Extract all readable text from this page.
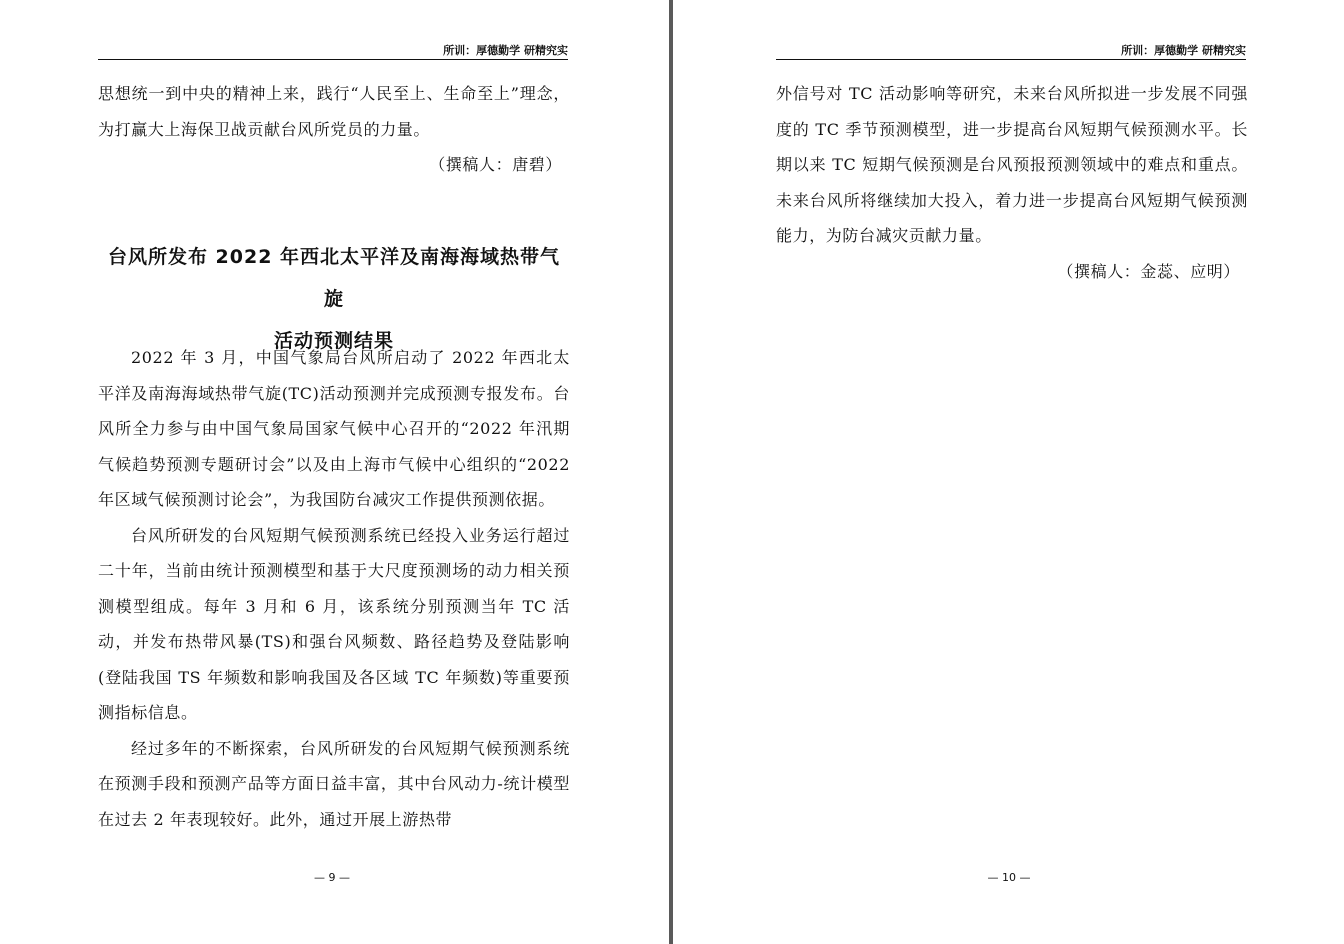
所训：厚德勤学 研精究实

思想统一到中央的精神上来，践行“人民至上、生命至上”理念，为打赢大上海保卫战贡献台风所党员的力量。

（撰稿人：唐碧）

台风所发布 2022 年西北太平洋及南海海域热带气旋
活动预测结果

2022 年 3 月，中国气象局台风所启动了 2022 年西北太平洋及南海海域热带气旋(TC)活动预测并完成预测专报发布。台风所全力参与由中国气象局国家气候中心召开的“2022 年汛期气候趋势预测专题研讨会”以及由上海市气候中心组织的“2022 年区域气候预测讨论会”，为我国防台减灾工作提供预测依据。

台风所研发的台风短期气候预测系统已经投入业务运行超过二十年，当前由统计预测模型和基于大尺度预测场的动力相关预测模型组成。每年 3 月和 6 月，该系统分别预测当年 TC 活动，并发布热带风暴(TS)和强台风频数、路径趋势及登陆影响(登陆我国 TS 年频数和影响我国及各区域 TC 年频数)等重要预测指标信息。

经过多年的不断探索，台风所研发的台风短期气候预测系统在预测手段和预测产品等方面日益丰富，其中台风动力-统计模型在过去 2 年表现较好。此外，通过开展上游热带

— 9 —
所训：厚德勤学 研精究实

外信号对 TC 活动影响等研究，未来台风所拟进一步发展不同强度的 TC 季节预测模型，进一步提高台风短期气候预测水平。长期以来 TC 短期气候预测是台风预报预测领域中的难点和重点。未来台风所将继续加大投入，着力进一步提高台风短期气候预测能力，为防台减灾贡献力量。

（撰稿人：金蕊、应明）

— 10 —
